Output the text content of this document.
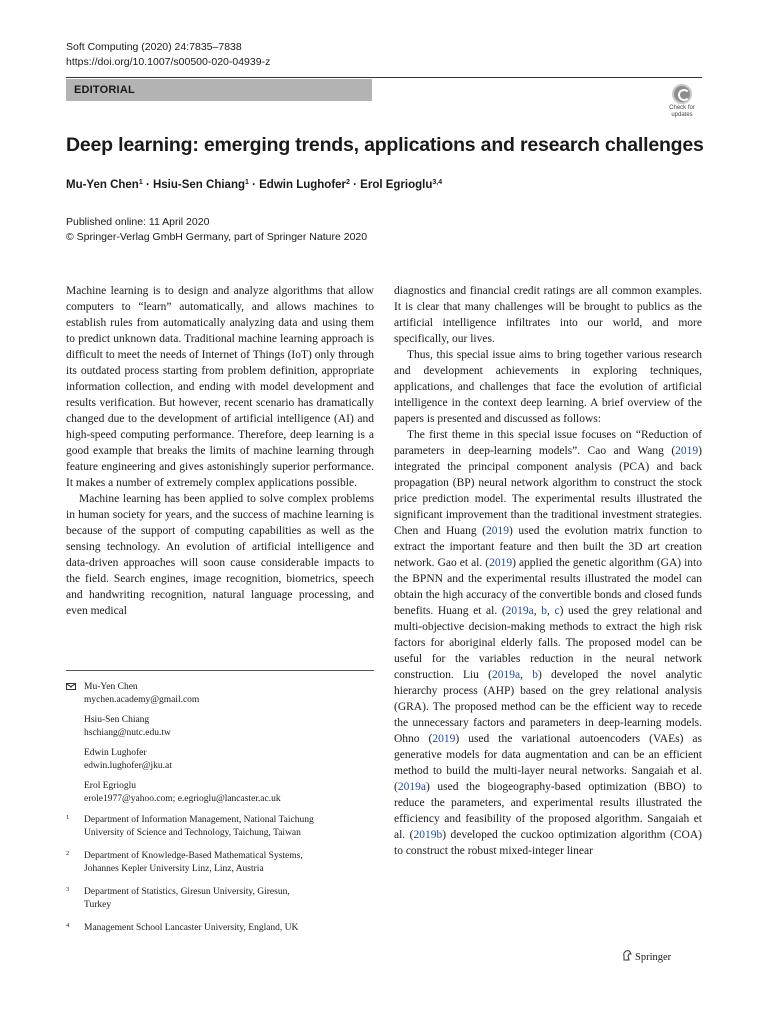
Soft Computing (2020) 24:7835–7838
https://doi.org/10.1007/s00500-020-04939-z
EDITORIAL
Check for
updates
Deep learning: emerging trends, applications and research challenges
Mu-Yen Chen$^1$ · Hsiu-Sen Chiang$^1$ · Edwin Lughofer$^2$ · Erol Egrioglu$^{3,4}$
Published online: 11 April 2020
© Springer-Verlag GmbH Germany, part of Springer Nature 2020

Machine learning is to design and analyze algorithms that allow computers to “learn” automatically, and allows machines to establish rules from automatically analyzing data and using them to predict unknown data. Traditional machine learning approach is difficult to meet the needs of Internet of Things (IoT) only through its outdated process starting from problem definition, appropriate information collection, and ending with model development and results verification. But however, recent scenario has dramatically changed due to the development of artificial intelligence (AI) and high-speed computing performance. Therefore, deep learning is a good example that breaks the limits of machine learning through feature engineering and gives astonishingly superior performance. It makes a number of extremely complex applications possible.

Machine learning has been applied to solve complex problems in human society for years, and the success of machine learning is because of the support of computing capabilities as well as the sensing technology. An evolution of artificial intelligence and data-driven approaches will soon cause considerable impacts to the field. Search engines, image recognition, biometrics, speech and handwriting recognition, natural language processing, and even medical

diagnostics and financial credit ratings are all common examples. It is clear that many challenges will be brought to publics as the artificial intelligence infiltrates into our world, and more specifically, our lives.

Thus, this special issue aims to bring together various research and development achievements in exploring techniques, applications, and challenges that face the evolution of artificial intelligence in the context deep learning. A brief overview of the papers is presented and discussed as follows:

The first theme in this special issue focuses on “Reduction of parameters in deep-learning models”. Cao and Wang (2019) integrated the principal component analysis (PCA) and back propagation (BP) neural network algorithm to construct the stock price prediction model. The experimental results illustrated the significant improvement than the traditional investment strategies. Chen and Huang (2019) used the evolution matrix function to extract the important feature and then built the 3D art creation network. Gao et al. (2019) applied the genetic algorithm (GA) into the BPNN and the experimental results illustrated the model can obtain the high accuracy of the convertible bonds and closed funds benefits. Huang et al. (2019a, b, c) used the grey relational and multi-objective decision-making methods to extract the high risk factors for aboriginal elderly falls. The proposed model can be useful for the variables reduction in the neural network construction. Liu (2019a, b) developed the novel analytic hierarchy process (AHP) based on the grey relational analysis (GRA). The proposed method can be the efficient way to recede the unnecessary factors and parameters in deep-learning models. Ohno (2019) used the variational autoencoders (VAEs) as generative models for data augmentation and can be an efficient method to build the multi-layer neural networks. Sangaiah et al. (2019a) used the biogeography-based optimization (BBO) to reduce the parameters, and experimental results illustrated the efficiency and feasibility of the proposed algorithm. Sangaiah et al. (2019b) developed the cuckoo optimization algorithm (COA) to construct the robust mixed-integer linear

Mu-Yen Chen
mychen.academy@gmail.com
Hsiu-Sen Chiang
hschiang@nutc.edu.tw
Edwin Lughofer
edwin.lughofer@jku.at
Erol Egrioglu
erole1977@yahoo.com; e.egrioglu@lancaster.ac.uk
1 Department of Information Management, National Taichung
University of Science and Technology, Taichung, Taiwan
2 Department of Knowledge-Based Mathematical Systems,
Johannes Kepler University Linz, Linz, Austria
3 Department of Statistics, Giresun University, Giresun,
Turkey
4 Management School Lancaster University, England, UK
Springer
